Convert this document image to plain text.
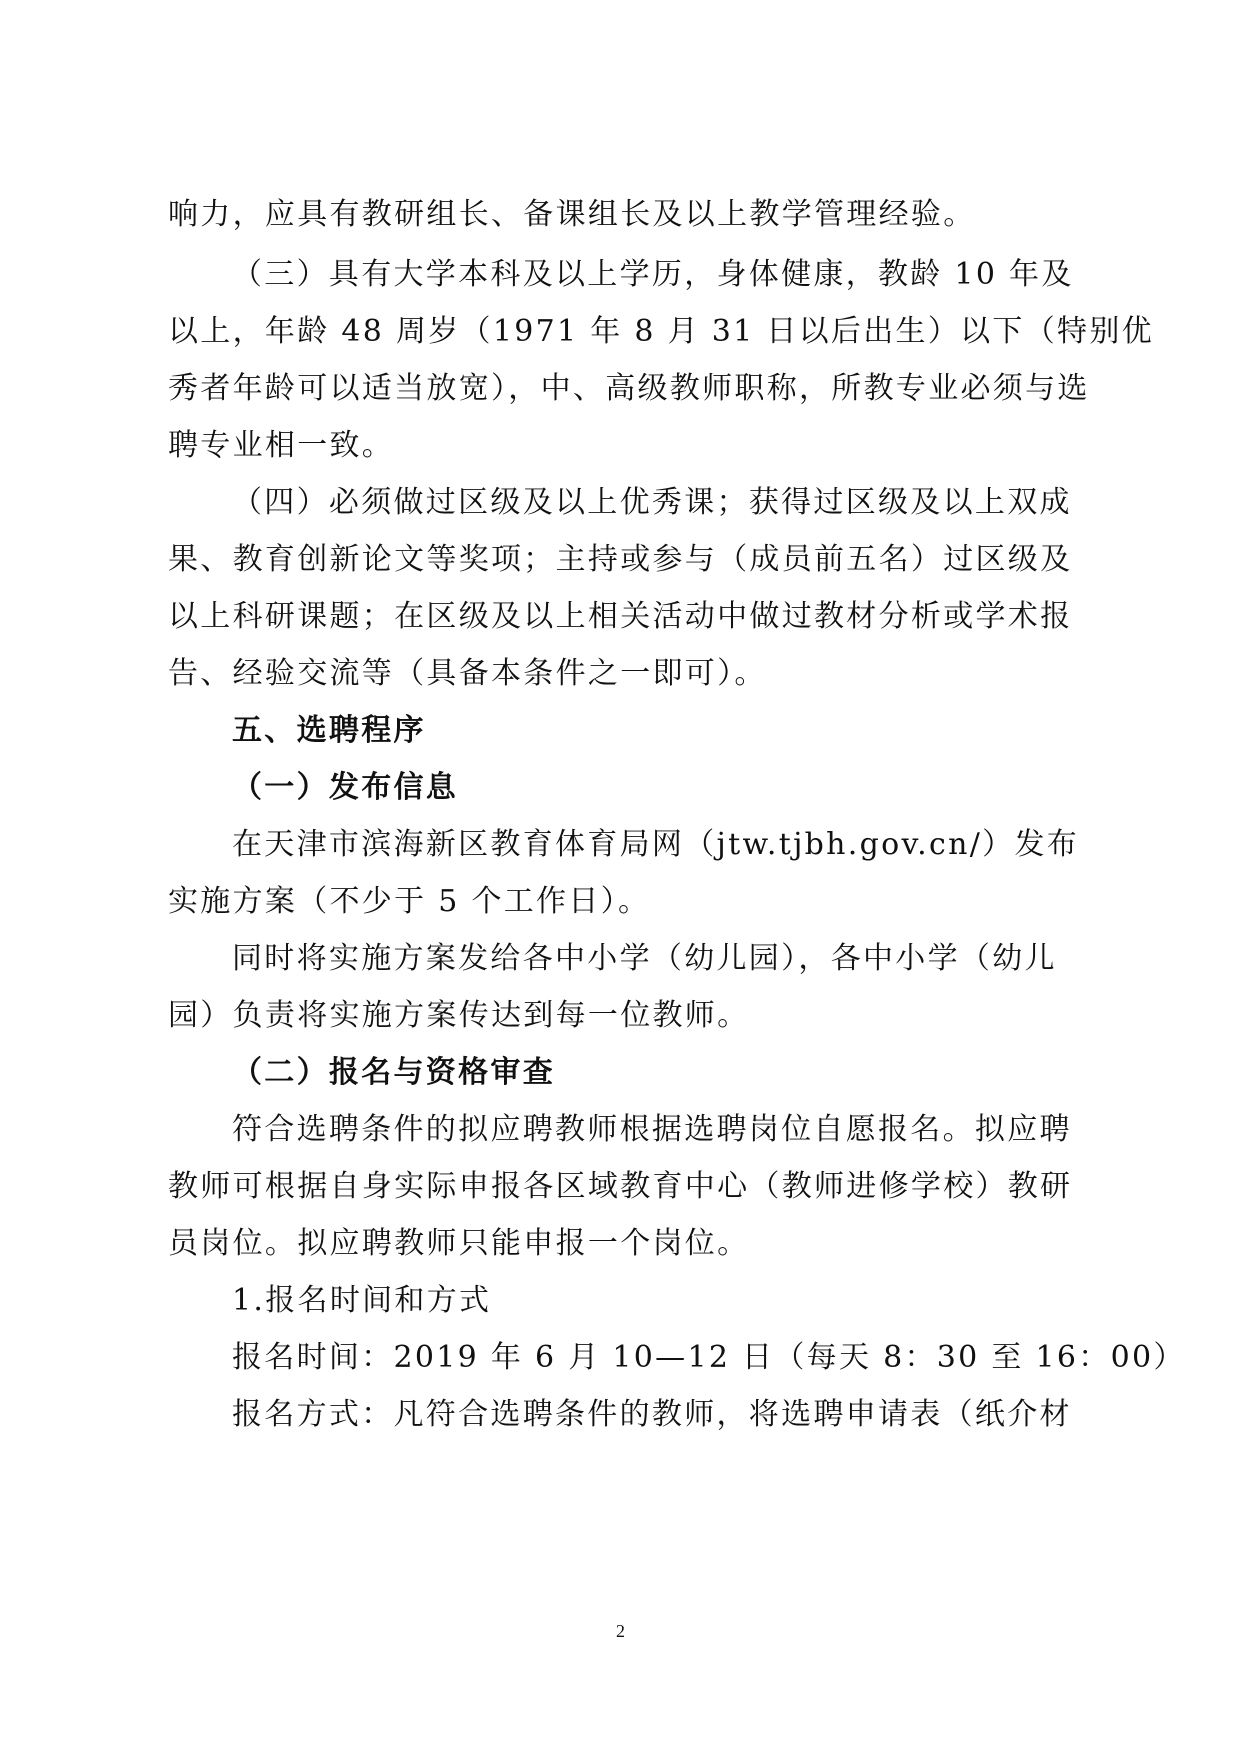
响力，应具有教研组长、备课组长及以上教学管理经验。
（三）具有大学本科及以上学历，身体健康，教龄 10 年及
以上，年龄 48 周岁（1971 年 8 月 31 日以后出生）以下（特别优
秀者年龄可以适当放宽），中、高级教师职称，所教专业必须与选
聘专业相一致。
（四）必须做过区级及以上优秀课；获得过区级及以上双成
果、教育创新论文等奖项；主持或参与（成员前五名）过区级及
以上科研课题；在区级及以上相关活动中做过教材分析或学术报
告、经验交流等（具备本条件之一即可）。
五、选聘程序
（一）发布信息
在天津市滨海新区教育体育局网（jtw.tjbh.gov.cn/）发布
实施方案（不少于 5 个工作日）。
同时将实施方案发给各中小学（幼儿园），各中小学（幼儿
园）负责将实施方案传达到每一位教师。
（二）报名与资格审查
符合选聘条件的拟应聘教师根据选聘岗位自愿报名。拟应聘
教师可根据自身实际申报各区域教育中心（教师进修学校）教研
员岗位。拟应聘教师只能申报一个岗位。
1.报名时间和方式
报名时间：2019 年 6 月 10—12 日（每天 8：30 至 16：00）
报名方式：凡符合选聘条件的教师，将选聘申请表（纸介材
2
